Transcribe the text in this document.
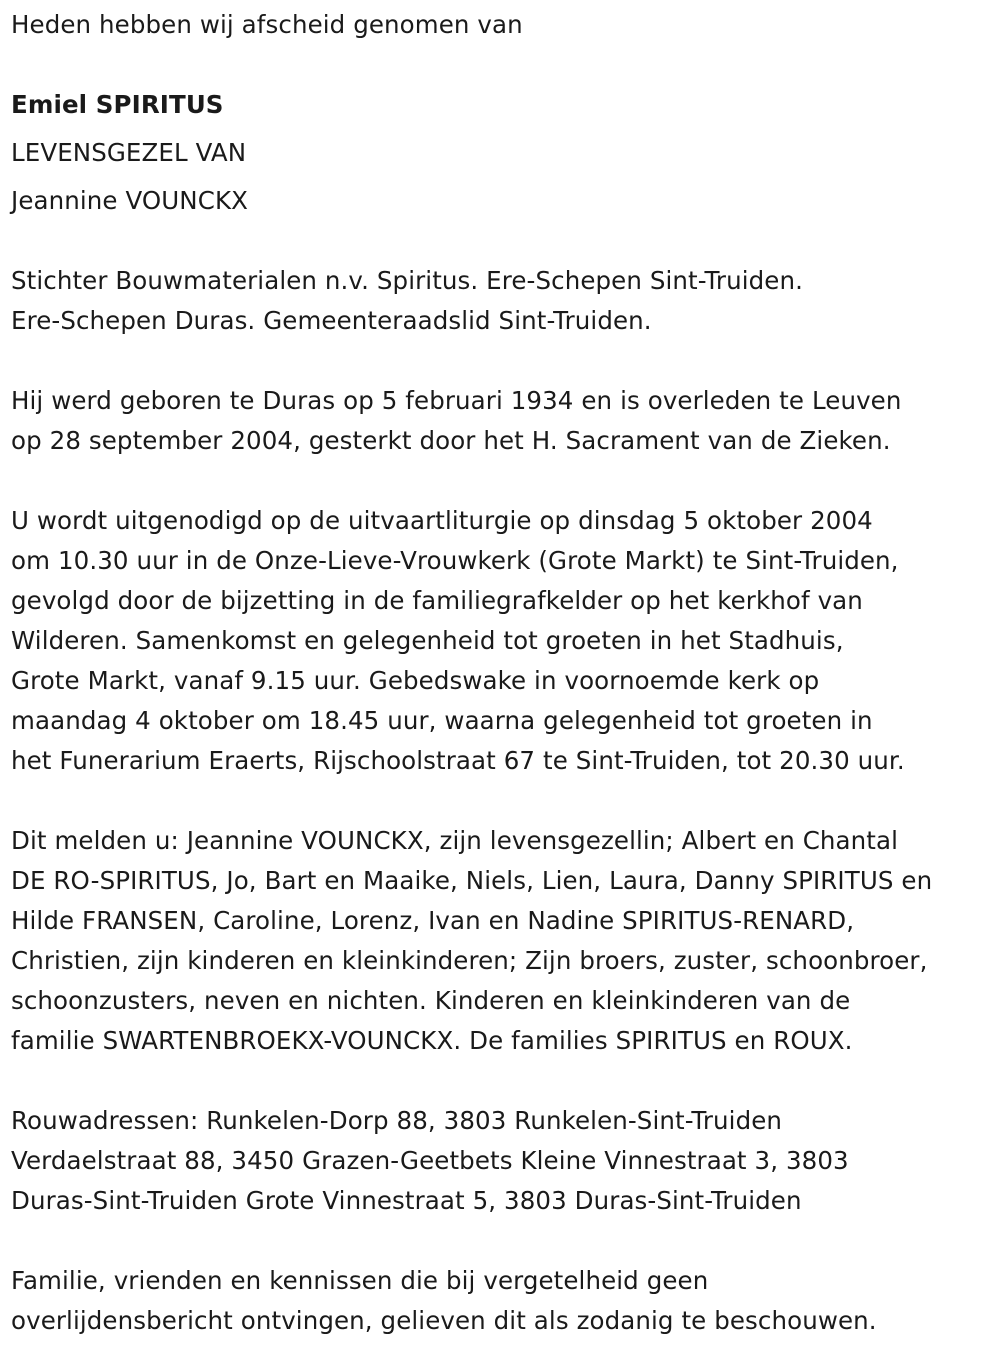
Heden hebben wij afscheid genomen van
Emiel SPIRITUS
LEVENSGEZEL VAN
Jeannine VOUNCKX
Stichter Bouwmaterialen n.v. Spiritus. Ere-Schepen Sint-Truiden.
Ere-Schepen Duras. Gemeenteraadslid Sint-Truiden.
Hij werd geboren te Duras op 5 februari 1934 en is overleden te Leuven
op 28 september 2004, gesterkt door het H. Sacrament van de Zieken.
U wordt uitgenodigd op de uitvaartliturgie op dinsdag 5 oktober 2004
om 10.30 uur in de Onze-Lieve-Vrouwkerk (Grote Markt) te Sint-Truiden,
gevolgd door de bijzetting in de familiegrafkelder op het kerkhof van
Wilderen. Samenkomst en gelegenheid tot groeten in het Stadhuis,
Grote Markt, vanaf 9.15 uur. Gebedswake in voornoemde kerk op
maandag 4 oktober om 18.45 uur, waarna gelegenheid tot groeten in
het Funerarium Eraerts, Rijschoolstraat 67 te Sint-Truiden, tot 20.30 uur.
Dit melden u: Jeannine VOUNCKX, zijn levensgezellin; Albert en Chantal
DE RO-SPIRITUS, Jo, Bart en Maaike, Niels, Lien, Laura, Danny SPIRITUS en
Hilde FRANSEN, Caroline, Lorenz, Ivan en Nadine SPIRITUS-RENARD,
Christien, zijn kinderen en kleinkinderen; Zijn broers, zuster, schoonbroer,
schoonzusters, neven en nichten. Kinderen en kleinkinderen van de
familie SWARTENBROEKX-VOUNCKX. De families SPIRITUS en ROUX.
Rouwadressen: Runkelen-Dorp 88, 3803 Runkelen-Sint-Truiden
Verdaelstraat 88, 3450 Grazen-Geetbets Kleine Vinnestraat 3, 3803
Duras-Sint-Truiden Grote Vinnestraat 5, 3803 Duras-Sint-Truiden
Familie, vrienden en kennissen die bij vergetelheid geen
overlijdensbericht ontvingen, gelieven dit als zodanig te beschouwen.
